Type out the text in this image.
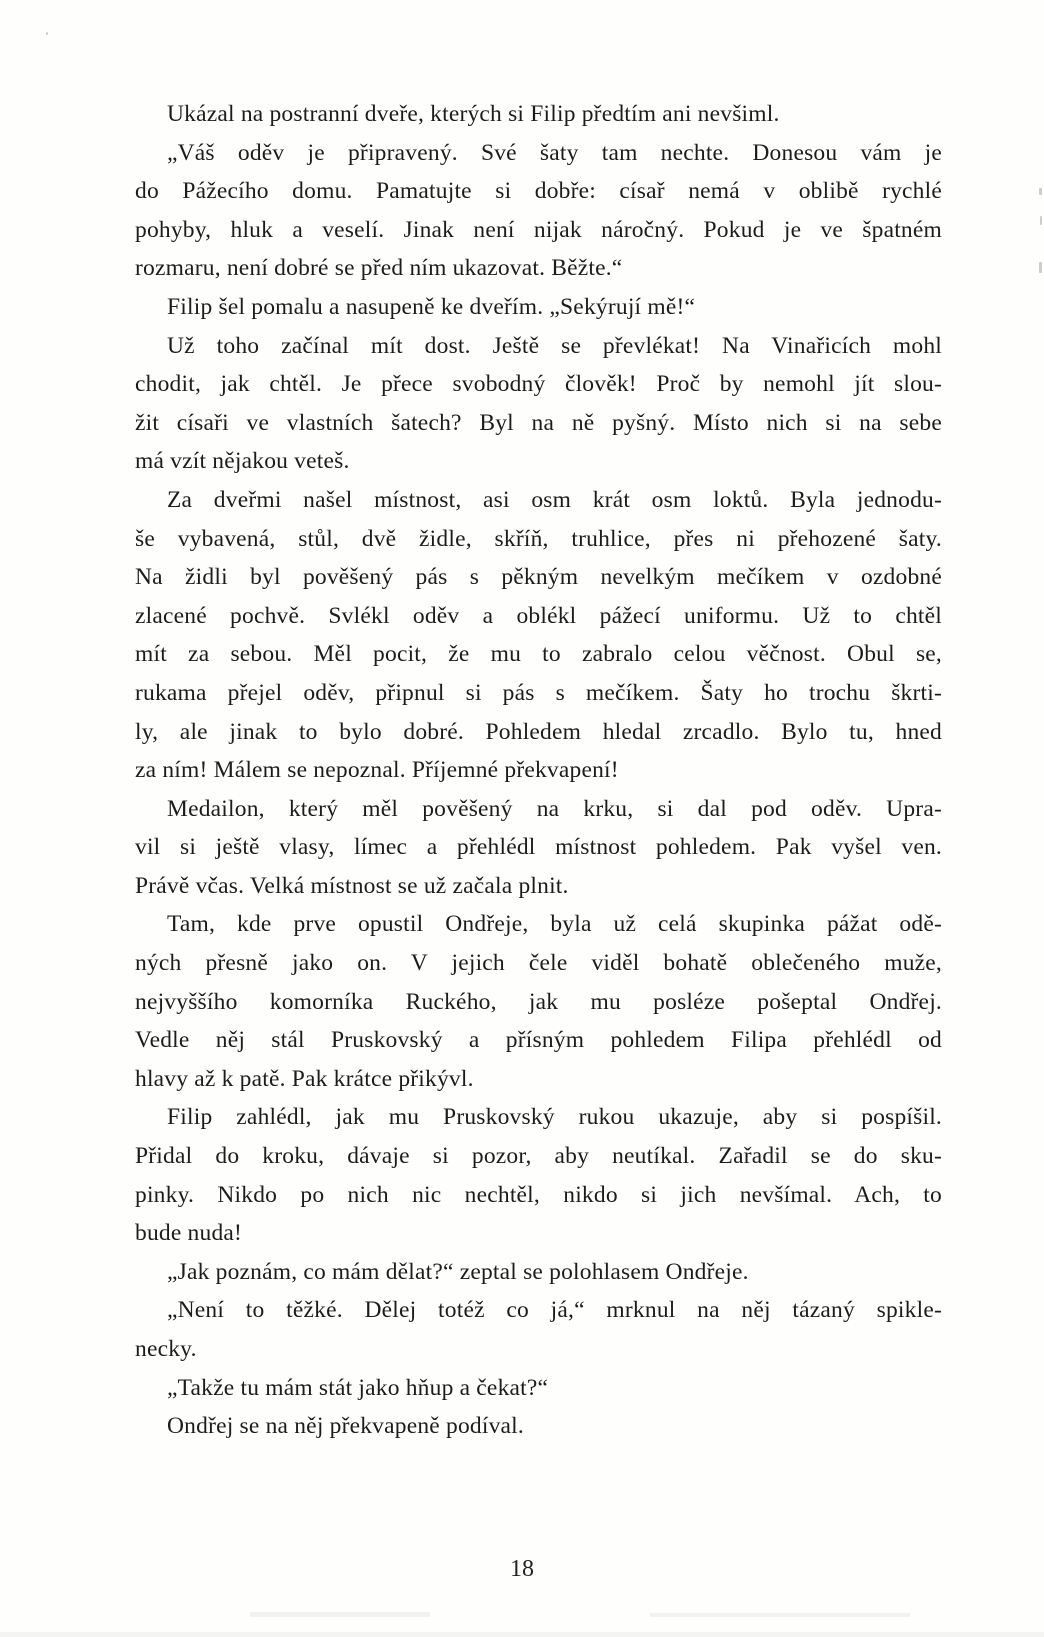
Ukázal na postranní dveře, kterých si Filip předtím ani nevšiml.
„Váš oděv je připravený. Své šaty tam nechte. Donesou vám je
do Pážecího domu. Pamatujte si dobře: císař nemá v oblibě rychlé
pohyby, hluk a veselí. Jinak není nijak náročný. Pokud je ve špatném
rozmaru, není dobré se před ním ukazovat. Běžte.“
Filip šel pomalu a nasupeně ke dveřím. „Sekýrují mě!“
Už toho začínal mít dost. Ještě se převlékat! Na Vinařicích mohl
chodit, jak chtěl. Je přece svobodný člověk! Proč by nemohl jít slou-
žit císaři ve vlastních šatech? Byl na ně pyšný. Místo nich si na sebe
má vzít nějakou veteš.
Za dveřmi našel místnost, asi osm krát osm loktů. Byla jednodu-
še vybavená, stůl, dvě židle, skříň, truhlice, přes ni přehozené šaty.
Na židli byl pověšený pás s pěkným nevelkým mečíkem v ozdobné
zlacené pochvě. Svlékl oděv a oblékl pážecí uniformu. Už to chtěl
mít za sebou. Měl pocit, že mu to zabralo celou věčnost. Obul se,
rukama přejel oděv, připnul si pás s mečíkem. Šaty ho trochu škrti-
ly, ale jinak to bylo dobré. Pohledem hledal zrcadlo. Bylo tu, hned
za ním! Málem se nepoznal. Příjemné překvapení!
Medailon, který měl pověšený na krku, si dal pod oděv. Upra-
vil si ještě vlasy, límec a přehlédl místnost pohledem. Pak vyšel ven.
Právě včas. Velká místnost se už začala plnit.
Tam, kde prve opustil Ondřeje, byla už celá skupinka pážat odě-
ných přesně jako on. V jejich čele viděl bohatě oblečeného muže,
nejvyššího komorníka Ruckého, jak mu posléze pošeptal Ondřej.
Vedle něj stál Pruskovský a přísným pohledem Filipa přehlédl od
hlavy až k patě. Pak krátce přikývl.
Filip zahlédl, jak mu Pruskovský rukou ukazuje, aby si pospíšil.
Přidal do kroku, dávaje si pozor, aby neutíkal. Zařadil se do sku-
pinky. Nikdo po nich nic nechtěl, nikdo si jich nevšímal. Ach, to
bude nuda!
„Jak poznám, co mám dělat?“ zeptal se polohlasem Ondřeje.
„Není to těžké. Dělej totéž co já,“ mrknul na něj tázaný spikle-
necky.
„Takže tu mám stát jako hňup a čekat?“
Ondřej se na něj překvapeně podíval.
18
